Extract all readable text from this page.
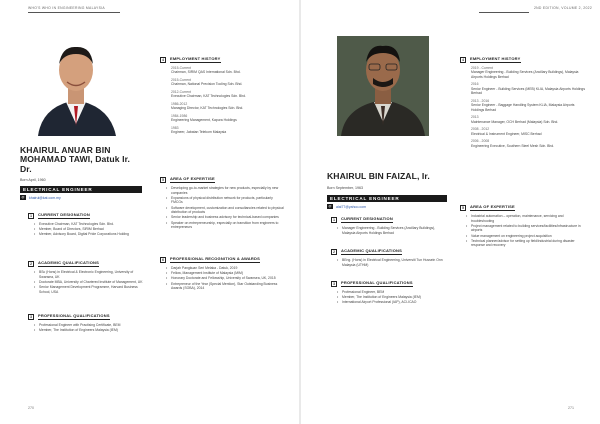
WHO'S WHO IN ENGINEERING MALAYSIA
KHAIRUL ANUAR BIN MOHAMAD TAWI, Datuk Ir. Dr.
Born April, 1960
ELECTRICAL ENGINEER
@	khairul@kat.com.my
1	CURRENT DESIGNATION
• Executive Chairman, KAT Technologies Sdn. Bhd.
• Member, Board of Directors, SIRIM Berhad
• Member, Advisory Board, Digital Pride Corporations Holding
2	ACADEMIC QUALIFICATIONS
• BSc (Hons) in Electrical & Electronic Engineering, University of Swansea, UK
• Doctorate MBA, University of Chartered Institute of Management, UK
• Senior Management Development Programme, Harvard Business School, USA
3	PROFESSIONAL QUALIFICATIONS
• Professional Engineer with Practising Certificate, BEM
• Member, The Institution of Engineers Malaysia (IEM)
4	EMPLOYMENT HISTORY
2015-Current
Chairman, SIRIM QAS International Sdn. Bhd.
2015-Current
Chairman, National Precision Tooling Sdn. Bhd.
2012-Current
Executive Chairman, KAT Technologies Sdn. Bhd.
1986-2012
Managing Director, KAT Technologies Sdn. Bhd.
1984-1986
Engineering Management, Kapura Holdings
1983
Engineer, Jabatan Telekom Malaysia
5	AREA OF EXPERTISE
• Developing go-to-market strategies for new products, especially by new companies
• Expansions of physical distribution network for products, particularly FMCGs
• Software development, customization and consultancies related to physical distribution of products
• Senior leadership and business advisory for technical-based companies
• Speaker on entrepreneurship, especially on transition from engineers to entrepreneurs
6	PROFESSIONAL RECOGNITION & AWARDS
• Darjah Pangkuan Seri Melaka - Datuk, 2019
• Fellow, Management Institute of Malaysia (MIM)
• Honorary Doctorate and Fellowship, University of Swansea, UK, 2015
• Entrepreneur of the Year (Special Mention), Star Outstanding Business Awards (SOBA), 2014
270
2ND EDITION, VOLUME 2, 2022
KHAIRUL BIN FAIZAL, Ir.
Born September, 1963
ELECTRICAL ENGINEER
@	alal77@yahoo.com
1	CURRENT DESIGNATION
• Manager Engineering - Building Services (Ancillary Buildings), Malaysia Airports Holdings Berhad
2	ACADEMIC QUALIFICATIONS
• BEng. (Hons) in Electrical Engineering, Universiti Tun Hussein Onn Malaysia (UTHM)
3	PROFESSIONAL QUALIFICATIONS
• Professional Engineer, BEM
• Member, The Institution of Engineers Malaysia (IEM)
• International Airport Professional (IAP), ACI-ICAO
4	EMPLOYMENT HISTORY
2019 - Current
Manager Engineering - Building Services (Ancillary Buildings), Malaysia Airports Holdings Berhad
2016
Senior Engineer - Building Services (MEB) KLIA, Malaysia Airports Holdings Berhad
2013 - 2016
Senior Engineer - Baggage Handling System KLIA, Malaysia Airports Holdings Berhad
2013
Maintenance Manager, OCH Berhad (Malaysia) Sdn. Bhd.
2008 - 2012
Electrical & Instrument Engineer, MISC Berhad
2006 - 2008
Engineering Executive, Southern Steel Mesh Sdn. Bhd.
5	AREA OF EXPERTISE
• Industrial automation – operation, maintenance, servicing and troubleshooting
• Project management related to building services/facilities/infrastructure in airports
• Value management on engineering project acquisition
• Technical planner/advisor for setting up field/industrial during disaster response and recovery
271
